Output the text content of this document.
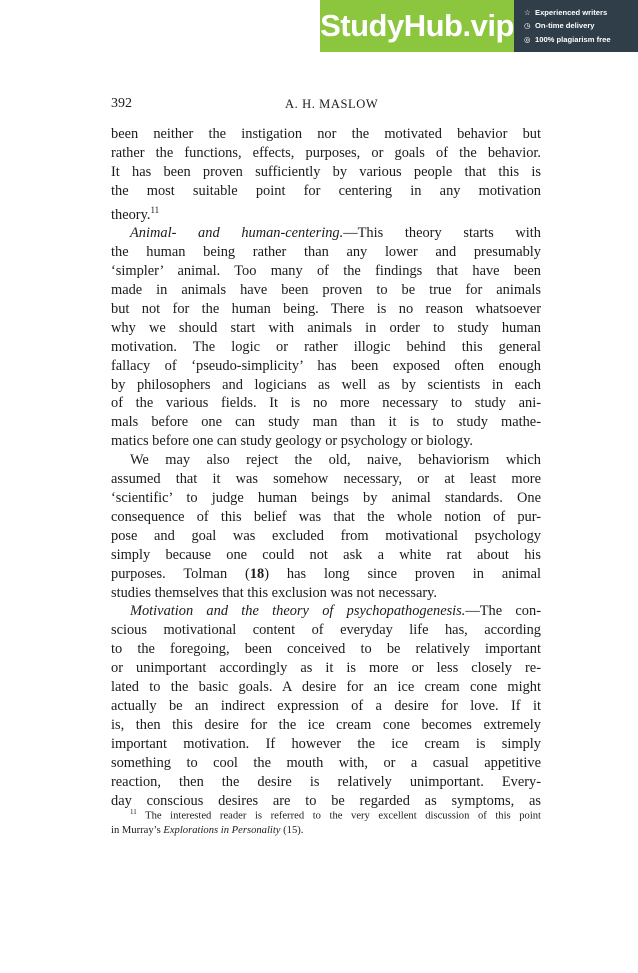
StudyHub.vip ☆ Experienced writers
◷ On-time delivery
◎ 100% plagiarism free
392	A. H. MASLOW
been neither the instigation nor the motivated behavior but
rather the functions, effects, purposes, or goals of the behavior.
It has been proven sufficiently by various people that this is
the most suitable point for centering in any motivation
theory.$^{11}$
Animal- and human-centering.—This theory starts with
the human being rather than any lower and presumably
‘simpler’ animal. Too many of the findings that have been
made in animals have been proven to be true for animals
but not for the human being. There is no reason whatsoever
why we should start with animals in order to study human
motivation. The logic or rather illogic behind this general
fallacy of ‘pseudo-simplicity’ has been exposed often enough
by philosophers and logicians as well as by scientists in each
of the various fields. It is no more necessary to study ani-
mals before one can study man than it is to study mathe-
matics before one can study geology or psychology or biology.
We may also reject the old, naive, behaviorism which
assumed that it was somehow necessary, or at least more
‘scientific’ to judge human beings by animal standards. One
consequence of this belief was that the whole notion of pur-
pose and goal was excluded from motivational psychology
simply because one could not ask a white rat about his
purposes. Tolman (18) has long since proven in animal
studies themselves that this exclusion was not necessary.
Motivation and the theory of psychopathogenesis.—The con-
scious motivational content of everyday life has, according
to the foregoing, been conceived to be relatively important
or unimportant accordingly as it is more or less closely re-
lated to the basic goals. A desire for an ice cream cone might
actually be an indirect expression of a desire for love. If it
is, then this desire for the ice cream cone becomes extremely
important motivation. If however the ice cream is simply
something to cool the mouth with, or a casual appetitive
reaction, then the desire is relatively unimportant. Every-
day conscious desires are to be regarded as symptoms, as
$^{11}$ The interested reader is referred to the very excellent discussion of this point
in Murray’s Explorations in Personality (15).
